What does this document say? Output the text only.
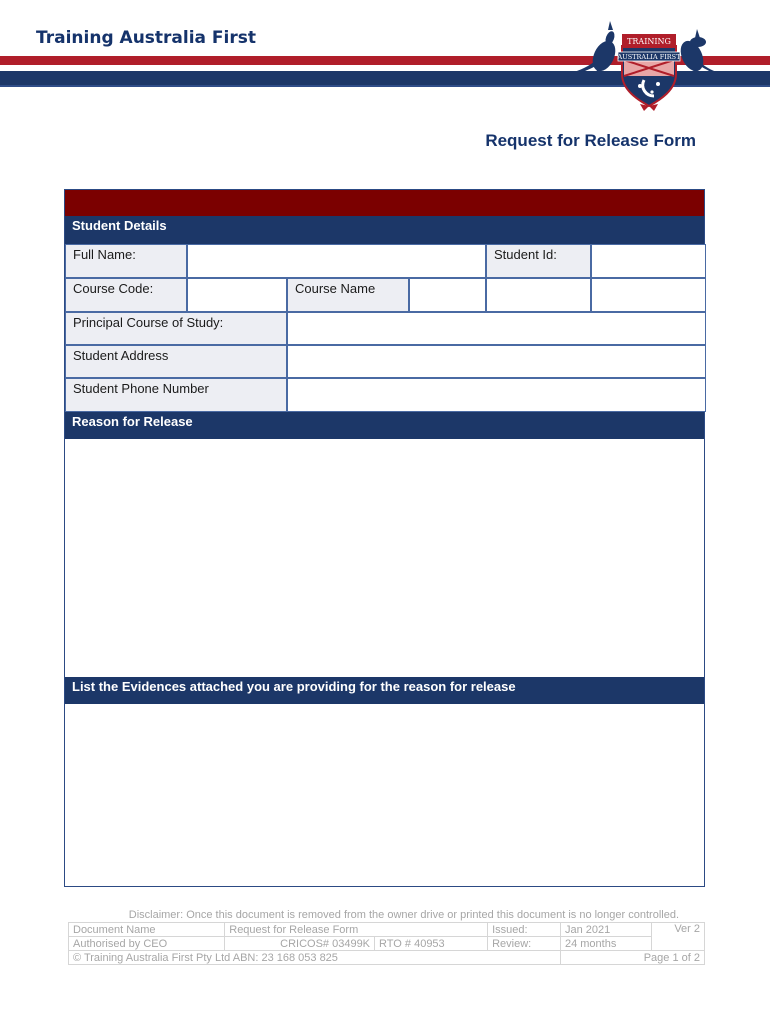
Training Australia First	TRAINING
AUSTRALIA FIRST
★ ★ ★
Request for Release Form
Student Details
Full Name:	Student Id:
Course Code:	Course Name
Principal Course of Study:
Student Address
Student Phone Number
Reason for Release
List the Evidences attached you are providing for the reason for release
Disclaimer: Once this document is removed from the owner drive or printed this document is no longer controlled.
Document Name	Request for Release Form		Issued:	Jan 2021	Ver 2
Authorised by CEO	CRICOS# 03499K	RTO # 40953	Review:	24 months	
© Training Australia First Pty Ltd ABN: 23 168 053 825				Page 1 of 2	
